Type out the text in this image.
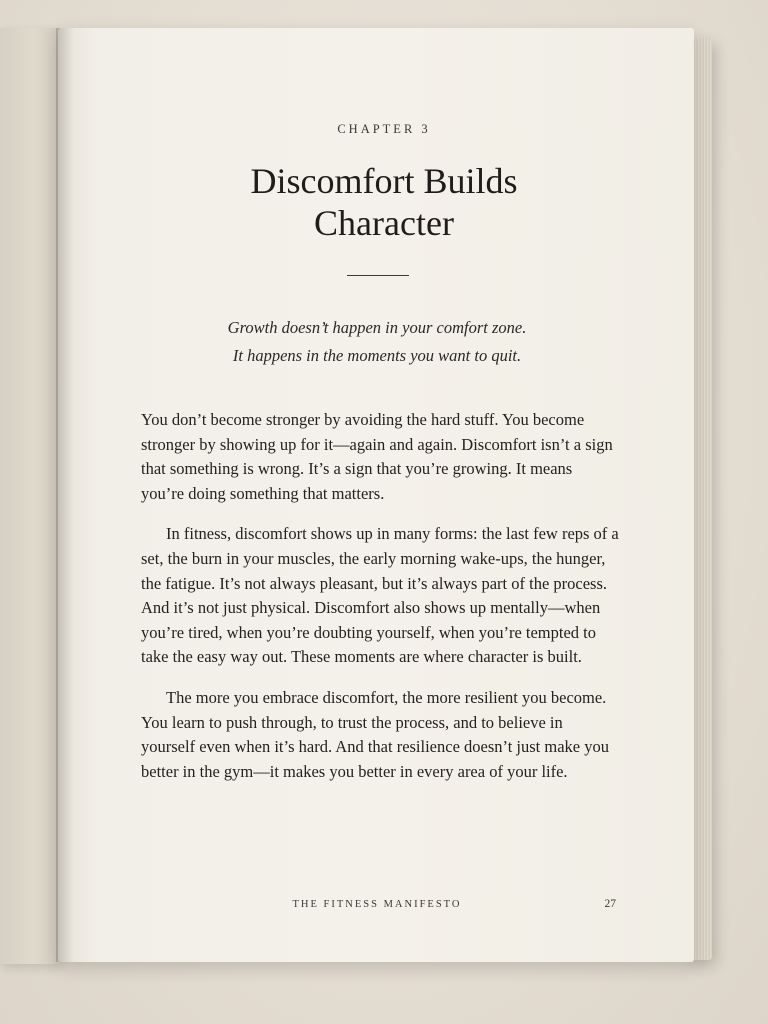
CHAPTER 3
Discomfort Builds
Character
Growth doesn’t happen in your comfort zone.
It happens in the moments you want to quit.

You don’t become stronger by avoiding the hard stuff. You become stronger by showing up for it—again and again. Discomfort isn’t a sign that something is wrong. It’s a sign that you’re growing. It means you’re doing something that matters.

In fitness, discomfort shows up in many forms: the last few reps of a set, the burn in your muscles, the early morning wake-ups, the hunger, the fatigue. It’s not always pleasant, but it’s always part of the process. And it’s not just physical. Discomfort also shows up mentally—when you’re tired, when you’re doubting yourself, when you’re tempted to take the easy way out. These moments are where character is built.

The more you embrace discomfort, the more resilient you become. You learn to push through, to trust the process, and to believe in yourself even when it’s hard. And that resilience doesn’t just make you better in the gym—it makes you better in every area of your life.

THE FITNESS MANIFESTO	27
